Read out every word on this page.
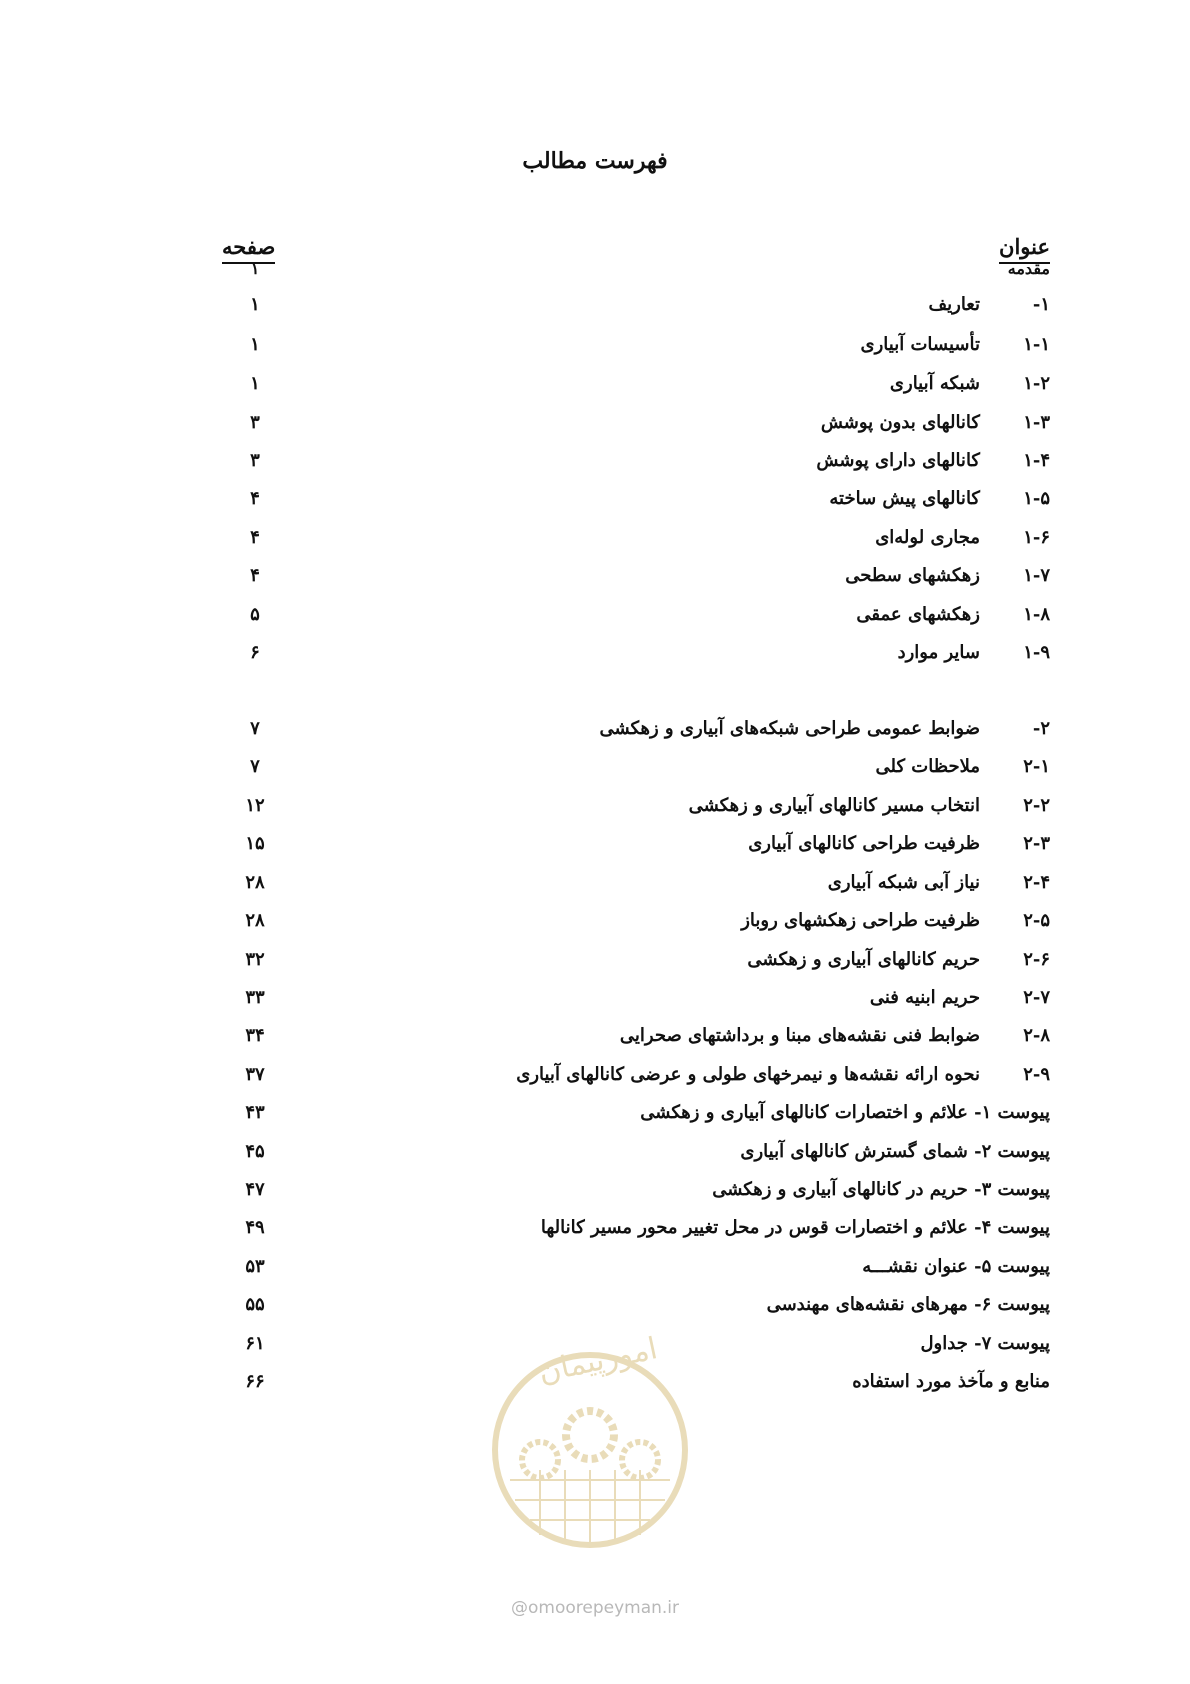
فهرست مطالب
عنوان
صفحه
مقدمه
۱
۱-
تعاریف
۱
۱-۱
تأسیسات آبیاری
۱
۱-۲
شبکه آبیاری
۱
۱-۳
کانالهای بدون پوشش
۳
۱-۴
کانالهای دارای پوشش
۳
۱-۵
کانالهای پیش ساخته
۴
۱-۶
مجاری لوله‌ای
۴
۱-۷
زهکشهای سطحی
۴
۱-۸
زهکشهای عمقی
۵
۱-۹
سایر موارد
۶
۲-
ضوابط عمومی طراحی شبکه‌های آبیاری و زهکشی
۷
۲-۱
ملاحظات کلی
۷
۲-۲
انتخاب مسیر کانالهای آبیاری و زهکشی
۱۲
۲-۳
ظرفیت طراحی کانالهای آبیاری
۱۵
۲-۴
نیاز آبی شبکه آبیاری
۲۸
۲-۵
ظرفیت طراحی زهکشهای روباز
۲۸
۲-۶
حریم کانالهای آبیاری و زهکشی
۳۲
۲-۷
حریم ابنیه فنی
۳۳
۲-۸
ضوابط فنی نقشه‌های مبنا و برداشتهای صحرایی
۳۴
۲-۹
نحوه ارائه نقشه‌ها و نیمرخهای طولی و عرضی کانالهای آبیاری
۳۷
پیوست ۱- علائم و اختصارات کانالهای آبیاری و زهکشی
۴۳
پیوست ۲- شمای گسترش کانالهای آبیاری
۴۵
پیوست ۳- حریم در کانالهای آبیاری و زهکشی
۴۷
پیوست ۴- علائم و اختصارات قوس در محل تغییر محور مسیر کانالها
۴۹
پیوست ۵- عنوان نقشـــه
۵۳
پیوست ۶- مهرهای نقشه‌های مهندسی
۵۵
پیوست ۷- جداول
۶۱
منابع و مآخذ مورد استفاده
۶۶	امورپیمان
@omoorepeyman.ir
